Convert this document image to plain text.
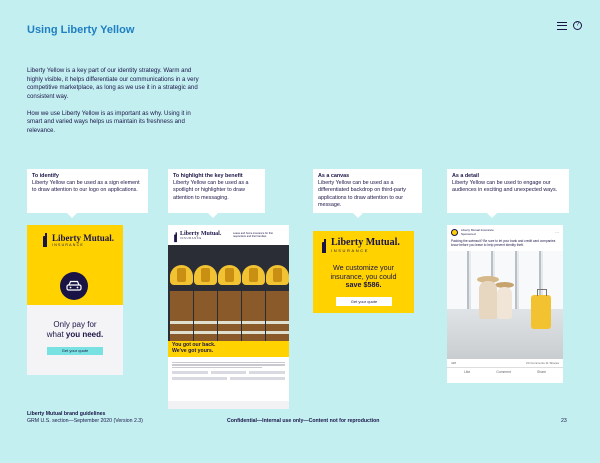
Using Liberty Yellow	?

Liberty Yellow is a key part of our identity strategy. Warm and highly visible, it helps differentiate our communications in a very competitive marketplace, as long as we use it in a strategic and consistent way.

How we use Liberty Yellow is as important as why. Using it in smart and varied ways helps us maintain its freshness and relevance.

To identify
Liberty Yellow can be used as a sign element to draw attention to our logo on applications.
To highlight the key benefit
Liberty Yellow can be used as a spotlight or highlighter to draw attention to messaging.
As a canvas
Liberty Yellow can be used as a differentiated backdrop on third-party applications to draw attention to our message.
As a detail
Liberty Yellow can be used to engage our audiences in exciting and unexpected ways.
Liberty Mutual.
INSURANCE
Only pay for
what you need.
Get your quote
Liberty Mutual.
INSURANCE
Leave and home insurance for first responders and their families
You got our back.
We've got yours.
Liberty Mutual.
INSURANCE
We customize your
insurance, you could
save $586.
Get your quote
Liberty Mutual Insurance
Sponsored	···
Packing the swimsuit? Be sure to let your bank and credit card companies know before you leave to help prevent identity theft.
428	20 Comments 11 Shares
Like	Comment	Share
Liberty Mutual brand guidelines
GRM U.S. section—September 2020 (Version 2.3)	Confidential—Internal use only—Content not for reproduction	23
